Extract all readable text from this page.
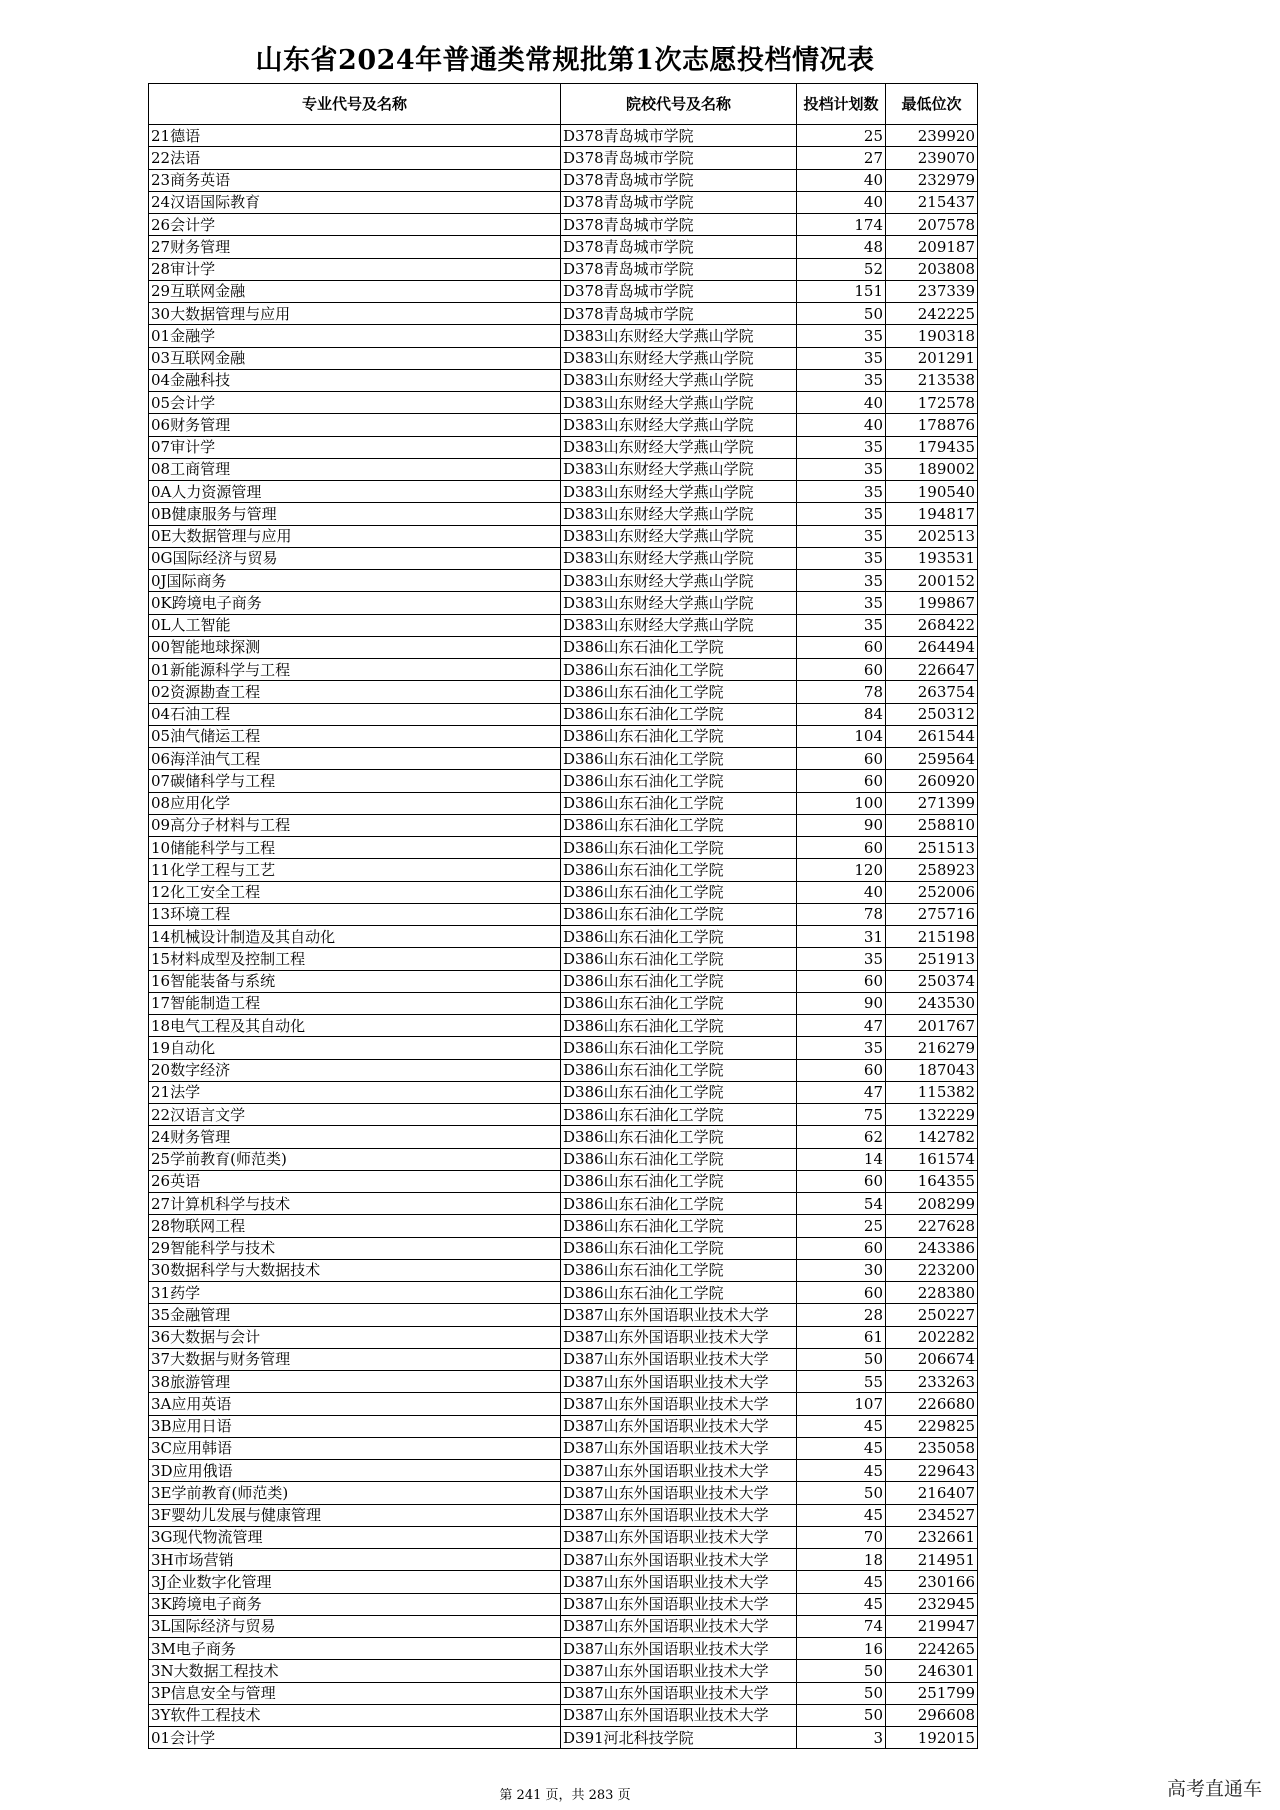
山东省2024年普通类常规批第1次志愿投档情况表
专业代号及名称	院校代号及名称	投档计划数	最低位次
21德语	D378青岛城市学院	25	239920
22法语	D378青岛城市学院	27	239070
23商务英语	D378青岛城市学院	40	232979
24汉语国际教育	D378青岛城市学院	40	215437
26会计学	D378青岛城市学院	174	207578
27财务管理	D378青岛城市学院	48	209187
28审计学	D378青岛城市学院	52	203808
29互联网金融	D378青岛城市学院	151	237339
30大数据管理与应用	D378青岛城市学院	50	242225
01金融学	D383山东财经大学燕山学院	35	190318
03互联网金融	D383山东财经大学燕山学院	35	201291
04金融科技	D383山东财经大学燕山学院	35	213538
05会计学	D383山东财经大学燕山学院	40	172578
06财务管理	D383山东财经大学燕山学院	40	178876
07审计学	D383山东财经大学燕山学院	35	179435
08工商管理	D383山东财经大学燕山学院	35	189002
0A人力资源管理	D383山东财经大学燕山学院	35	190540
0B健康服务与管理	D383山东财经大学燕山学院	35	194817
0E大数据管理与应用	D383山东财经大学燕山学院	35	202513
0G国际经济与贸易	D383山东财经大学燕山学院	35	193531
0J国际商务	D383山东财经大学燕山学院	35	200152
0K跨境电子商务	D383山东财经大学燕山学院	35	199867
0L人工智能	D383山东财经大学燕山学院	35	268422
00智能地球探测	D386山东石油化工学院	60	264494
01新能源科学与工程	D386山东石油化工学院	60	226647
02资源勘查工程	D386山东石油化工学院	78	263754
04石油工程	D386山东石油化工学院	84	250312
05油气储运工程	D386山东石油化工学院	104	261544
06海洋油气工程	D386山东石油化工学院	60	259564
07碳储科学与工程	D386山东石油化工学院	60	260920
08应用化学	D386山东石油化工学院	100	271399
09高分子材料与工程	D386山东石油化工学院	90	258810
10储能科学与工程	D386山东石油化工学院	60	251513
11化学工程与工艺	D386山东石油化工学院	120	258923
12化工安全工程	D386山东石油化工学院	40	252006
13环境工程	D386山东石油化工学院	78	275716
14机械设计制造及其自动化	D386山东石油化工学院	31	215198
15材料成型及控制工程	D386山东石油化工学院	35	251913
16智能装备与系统	D386山东石油化工学院	60	250374
17智能制造工程	D386山东石油化工学院	90	243530
18电气工程及其自动化	D386山东石油化工学院	47	201767
19自动化	D386山东石油化工学院	35	216279
20数字经济	D386山东石油化工学院	60	187043
21法学	D386山东石油化工学院	47	115382
22汉语言文学	D386山东石油化工学院	75	132229
24财务管理	D386山东石油化工学院	62	142782
25学前教育(师范类)	D386山东石油化工学院	14	161574
26英语	D386山东石油化工学院	60	164355
27计算机科学与技术	D386山东石油化工学院	54	208299
28物联网工程	D386山东石油化工学院	25	227628
29智能科学与技术	D386山东石油化工学院	60	243386
30数据科学与大数据技术	D386山东石油化工学院	30	223200
31药学	D386山东石油化工学院	60	228380
35金融管理	D387山东外国语职业技术大学	28	250227
36大数据与会计	D387山东外国语职业技术大学	61	202282
37大数据与财务管理	D387山东外国语职业技术大学	50	206674
38旅游管理	D387山东外国语职业技术大学	55	233263
3A应用英语	D387山东外国语职业技术大学	107	226680
3B应用日语	D387山东外国语职业技术大学	45	229825
3C应用韩语	D387山东外国语职业技术大学	45	235058
3D应用俄语	D387山东外国语职业技术大学	45	229643
3E学前教育(师范类)	D387山东外国语职业技术大学	50	216407
3F婴幼儿发展与健康管理	D387山东外国语职业技术大学	45	234527
3G现代物流管理	D387山东外国语职业技术大学	70	232661
3H市场营销	D387山东外国语职业技术大学	18	214951
3J企业数字化管理	D387山东外国语职业技术大学	45	230166
3K跨境电子商务	D387山东外国语职业技术大学	45	232945
3L国际经济与贸易	D387山东外国语职业技术大学	74	219947
3M电子商务	D387山东外国语职业技术大学	16	224265
3N大数据工程技术	D387山东外国语职业技术大学	50	246301
3P信息安全与管理	D387山东外国语职业技术大学	50	251799
3Y软件工程技术	D387山东外国语职业技术大学	50	296608
01会计学	D391河北科技学院	3	192015
第 241 页，共 283 页	高考直通车
